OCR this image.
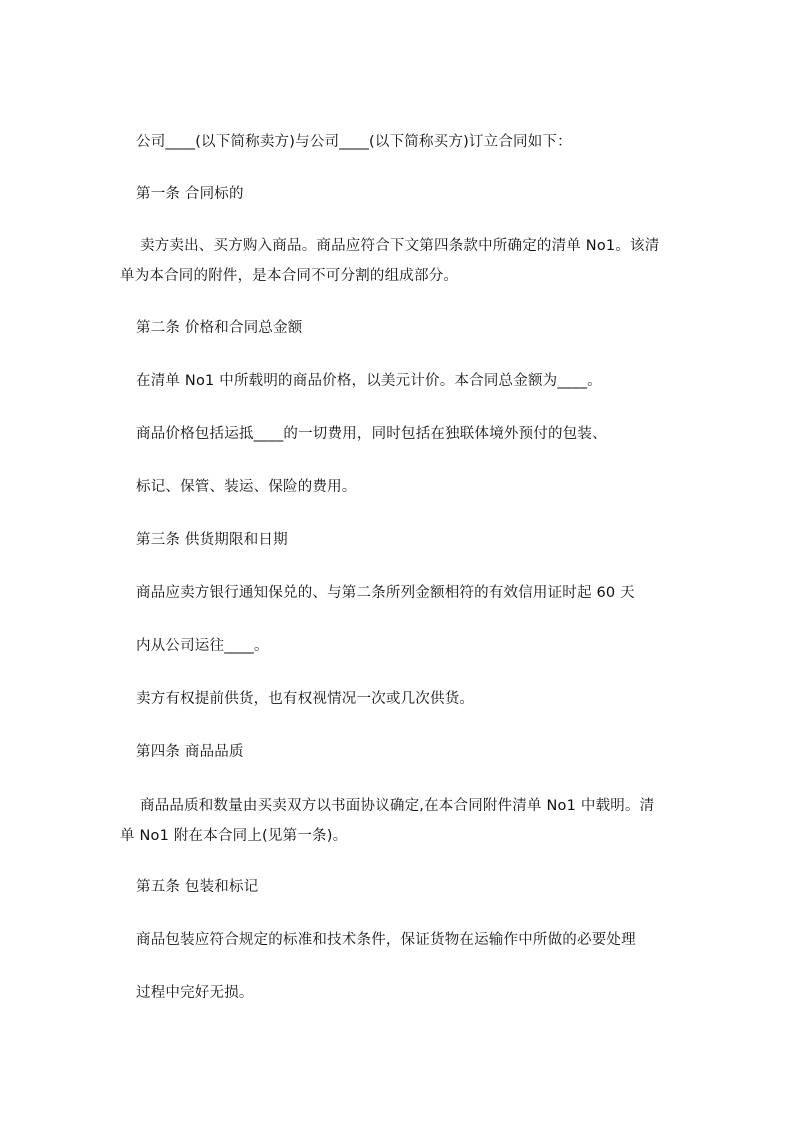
公司____(以下简称卖方)与公司____(以下简称买方)订立合同如下：
第一条 合同标的
卖方卖出、买方购入商品。商品应符合下文第四条款中所确定的清单 No1。该清
单为本合同的附件，是本合同不可分割的组成部分。
第二条 价格和合同总金额
在清单 No1 中所载明的商品价格，以美元计价。本合同总金额为____。
商品价格包括运抵____的一切费用，同时包括在独联体境外预付的包装、
标记、保管、装运、保险的费用。
第三条 供货期限和日期
商品应卖方银行通知保兑的、与第二条所列金额相符的有效信用证时起 60 天
内从公司运往____。
卖方有权提前供货，也有权视情况一次或几次供货。
第四条 商品品质
商品品质和数量由买卖双方以书面协议确定,在本合同附件清单 No1 中载明。清
单 No1 附在本合同上(见第一条)。
第五条 包装和标记
商品包装应符合规定的标准和技术条件，保证货物在运输作中所做的必要处理
过程中完好无损。
